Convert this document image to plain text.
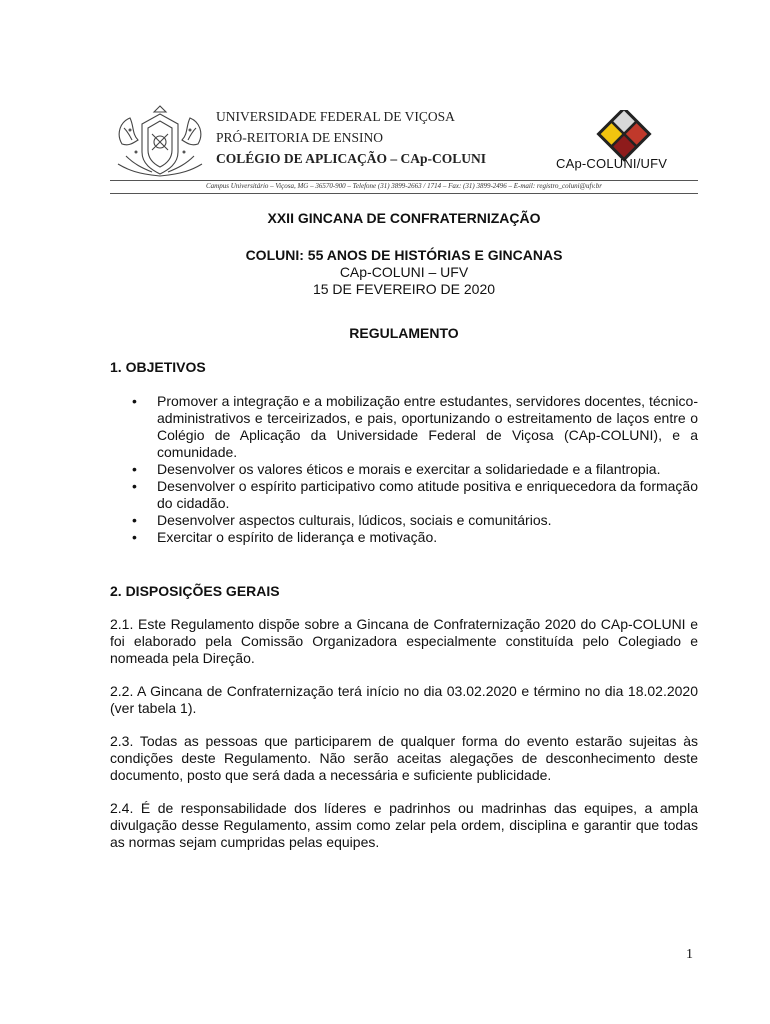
UNIVERSIDADE FEDERAL DE VIÇOSA
PRÓ-REITORIA DE ENSINO
COLÉGIO DE APLICAÇÃO – CAp-COLUNI	CAp-COLUNI/UFV
Campus Universitário – Viçosa, MG – 36570-900 – Telefone (31) 3899-2663 / 1714 – Fax: (31) 3899-2496 – E-mail: registro_coluni@ufv.br
XXII GINCANA DE CONFRATERNIZAÇÃO
COLUNI: 55 ANOS DE HISTÓRIAS E GINCANAS
CAp-COLUNI – UFV
15 DE FEVEREIRO DE 2020
REGULAMENTO
1. OBJETIVOS
• Promover a integração e a mobilização entre estudantes, servidores docentes, técnico-administrativos e terceirizados, e pais, oportunizando o estreitamento de laços entre o Colégio de Aplicação da Universidade Federal de Viçosa (CAp-COLUNI), e a comunidade.
• Desenvolver os valores éticos e morais e exercitar a solidariedade e a filantropia.
• Desenvolver o espírito participativo como atitude positiva e enriquecedora da formação do cidadão.
• Desenvolver aspectos culturais, lúdicos, sociais e comunitários.
• Exercitar o espírito de liderança e motivação.
2. DISPOSIÇÕES GERAIS

2.1. Este Regulamento dispõe sobre a Gincana de Confraternização 2020 do CAp-COLUNI e foi elaborado pela Comissão Organizadora especialmente constituída pelo Colegiado e nomeada pela Direção.

2.2. A Gincana de Confraternização terá início no dia 03.02.2020 e término no dia 18.02.2020 (ver tabela 1).

2.3. Todas as pessoas que participarem de qualquer forma do evento estarão sujeitas às condições deste Regulamento. Não serão aceitas alegações de desconhecimento deste documento, posto que será dada a necessária e suficiente publicidade.

2.4. É de responsabilidade dos líderes e padrinhos ou madrinhas das equipes, a ampla divulgação desse Regulamento, assim como zelar pela ordem, disciplina e garantir que todas as normas sejam cumpridas pelas equipes.

1
